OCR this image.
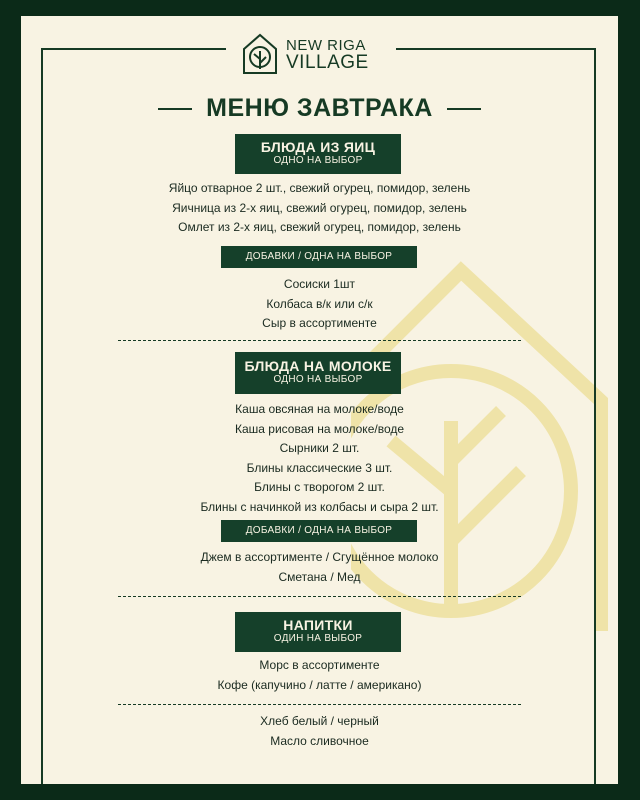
NEW RIGA
VILLAGE
МЕНЮ ЗАВТРАКА
БЛЮДА ИЗ ЯИЦ
ОДНО НА ВЫБОР
Яйцо отварное 2 шт., свежий огурец, помидор, зелень
Яичница из 2-х яиц, свежий огурец, помидор, зелень
Омлет из 2-х яиц, свежий огурец, помидор, зелень
ДОБАВКИ / ОДНА НА ВЫБОР
Сосиски 1шт
Колбаса в/к или с/к
Сыр в ассортименте
БЛЮДА НА МОЛОКЕ
ОДНО НА ВЫБОР
Каша овсяная на молоке/воде
Каша рисовая на молоке/воде
Сырники 2 шт.
Блины классические 3 шт.
Блины с творогом 2 шт.
Блины с начинкой из колбасы и сыра 2 шт.
ДОБАВКИ / ОДНА НА ВЫБОР
Джем в ассортименте / Сгущённое молоко
Сметана / Мед
НАПИТКИ
ОДИН НА ВЫБОР
Морс в ассортименте
Кофе (капучино / латте / американо)
Хлеб белый / черный
Масло сливочное
